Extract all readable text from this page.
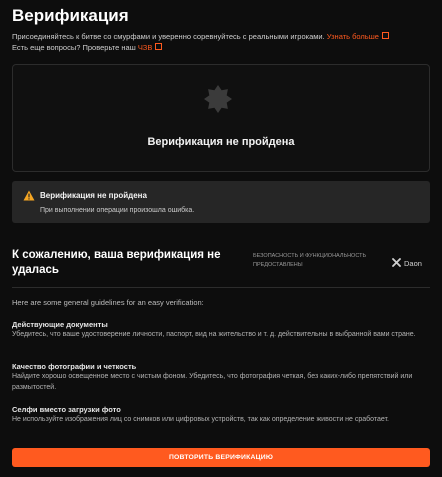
Верификация
Присоединяйтесь к битве со смурфами и уверенно соревнуйтесь с реальными игроками. Узнать больше
Есть еще вопросы? Проверьте наш ЧЗВ
Верификация не пройдена
Верификация не пройдена
При выполнении операции произошла ошибка.
К сожалению, ваша верификация не удалась
БЕЗОПАСНОСТЬ И ФУНКЦИОНАЛЬНОСТЬ ПРЕДОСТАВЛЕНЫ	Daon
Here are some general guidelines for an easy verification:
Действующие документы
Убедитесь, что ваше удостоверение личности, паспорт, вид на жительство и т. д. действительны в выбранной вами стране.
Качество фотографии и четкость
Найдите хорошо освещенное место с чистым фоном. Убедитесь, что фотография четкая, без каких-либо препятствий или размытостей.
Селфи вместо загрузки фото
Не используйте изображения лиц со снимков или цифровых устройств, так как определение живости не сработает.
ПОВТОРИТЬ ВЕРИФИКАЦИЮ
